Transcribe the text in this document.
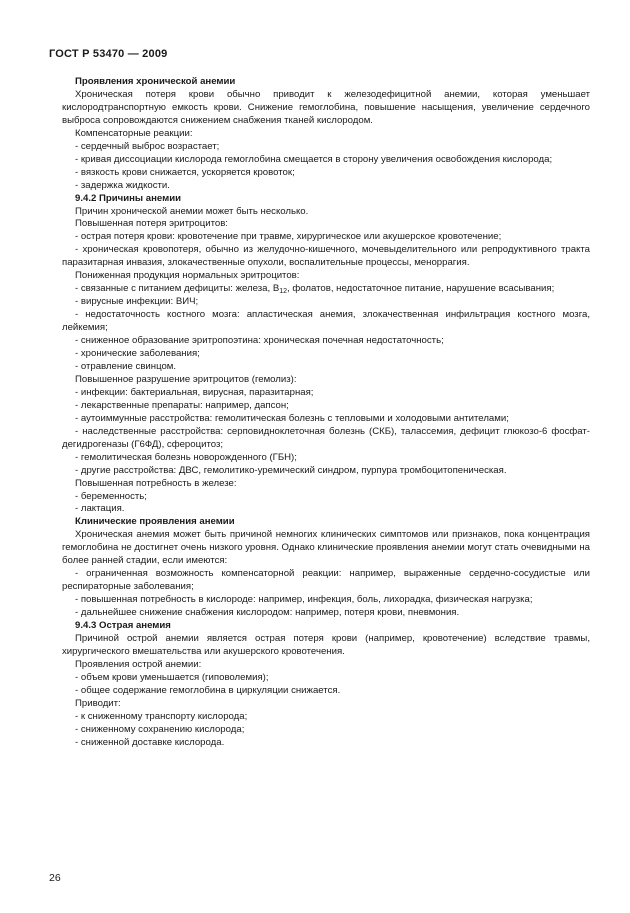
ГОСТ Р 53470 — 2009

Проявления хронической анемии

Хроническая потеря крови обычно приводит к железодефицитной анемии, которая уменьшает кислородтранспортную емкость крови. Снижение гемоглобина, повышение насыщения, увеличение сердечного выброса сопровождаются снижением снабжения тканей кислородом.

Компенсаторные реакции:

- сердечный выброс возрастает;

- кривая диссоциации кислорода гемоглобина смещается в сторону увеличения освобождения кислорода;

- вязкость крови снижается, ускоряется кровоток;

- задержка жидкости.

9.4.2 Причины анемии

Причин хронической анемии может быть несколько.

Повышенная потеря эритроцитов:

- острая потеря крови: кровотечение при травме, хирургическое или акушерское кровотечение;

- хроническая кровопотеря, обычно из желудочно-кишечного, мочевыделительного или репродуктивного тракта паразитарная инвазия, злокачественные опухоли, воспалительные процессы, меноррагия.

Пониженная продукция нормальных эритроцитов:

- связанные с питанием дефициты: железа, $В_{12}$, фолатов, недостаточное питание, нарушение всасывания;

- вирусные инфекции: ВИЧ;

- недостаточность костного мозга: апластическая анемия, злокачественная инфильтрация костного мозга, лейкемия;

- сниженное образование эритропоэтина: хроническая почечная недостаточность;

- хронические заболевания;

- отравление свинцом.

Повышенное разрушение эритроцитов (гемолиз):

- инфекции: бактериальная, вирусная, паразитарная;

- лекарственные препараты: например, дапсон;

- аутоиммунные расстройства: гемолитическая болезнь с тепловыми и холодовыми антителами;

- наследственные расстройства: серповидноклеточная болезнь (СКБ), талассемия, дефицит глюкозо-6 фосфат-дегидрогеназы (Г6ФД), сфероцитоз;

- гемолитическая болезнь новорожденного (ГБН);

- другие расстройства: ДВС, гемолитико-уремический синдром, пурпура тромбоцитопеническая.

Повышенная потребность в железе:

- беременность;

- лактация.

Клинические проявления анемии

Хроническая анемия может быть причиной немногих клинических симптомов или признаков, пока концентрация гемоглобина не достигнет очень низкого уровня. Однако клинические проявления анемии могут стать очевидными на более ранней стадии, если имеются:

- ограниченная возможность компенсаторной реакции: например, выраженные сердечно-сосудистые или респираторные заболевания;

- повышенная потребность в кислороде: например, инфекция, боль, лихорадка, физическая нагрузка;

- дальнейшее снижение снабжения кислородом: например, потеря крови, пневмония.

9.4.3 Острая анемия

Причиной острой анемии является острая потеря крови (например, кровотечение) вследствие травмы, хирургического вмешательства или акушерского кровотечения.

Проявления острой анемии:

- объем крови уменьшается (гиповолемия);

- общее содержание гемоглобина в циркуляции снижается.

Приводит:

- к сниженному транспорту кислорода;

- сниженному сохранению кислорода;

- сниженной доставке кислорода.

26
